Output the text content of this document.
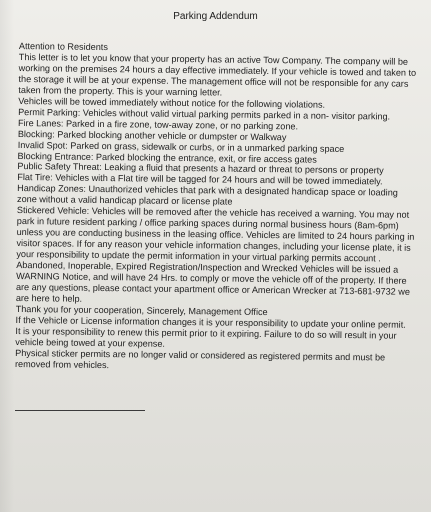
Parking Addendum

Attention to Residents

This letter is to let you know that your property has an active Tow Company. The company will be working on the premises 24 hours a day effective immediately. If your vehicle is towed and taken to the storage it will be at your expense. The management office will not be responsible for any cars taken from the property. This is your warning letter.

Vehicles will be towed immediately without notice for the following violations.

Permit Parking: Vehicles without valid virtual parking permits parked in a non- visitor parking.

Fire Lanes: Parked in a fire zone, tow-away zone, or no parking zone.

Blocking: Parked blocking another vehicle or dumpster or Walkway

Invalid Spot: Parked on grass, sidewalk or curbs, or in a unmarked parking space

Blocking Entrance: Parked blocking the entrance, exit, or fire access gates

Public Safety Threat: Leaking a fluid that presents a hazard or threat to persons or property

Flat Tire: Vehicles with a Flat tire will be tagged for 24 hours and will be towed immediately.

Handicap Zones: Unauthorized vehicles that park with a designated handicap space or loading zone without a valid handicap placard or license plate

Stickered Vehicle: Vehicles will be removed after the vehicle has received a warning. You may not park in future resident parking / office parking spaces during normal business hours (8am-6pm) unless you are conducting business in the leasing office. Vehicles are limited to 24 hours parking in visitor spaces. If for any reason your vehicle information changes, including your license plate, it is your responsibility to update the permit information in your virtual parking permits account . Abandoned, Inoperable, Expired Registration/Inspection and Wrecked Vehicles will be issued a WARNING Notice, and will have 24 Hrs. to comply or move the vehicle off of the property. If there are any questions, please contact your apartment office or American Wrecker at 713-681-9732 we are here to help.

Thank you for your cooperation, Sincerely, Management Office

If the Vehicle or License information changes it is your responsibility to update your online permit.

It is your responsibility to renew this permit prior to it expiring. Failure to do so will result in your vehicle being towed at your expense.

Physical sticker permits are no longer valid or considered as registered permits and must be removed from vehicles.
